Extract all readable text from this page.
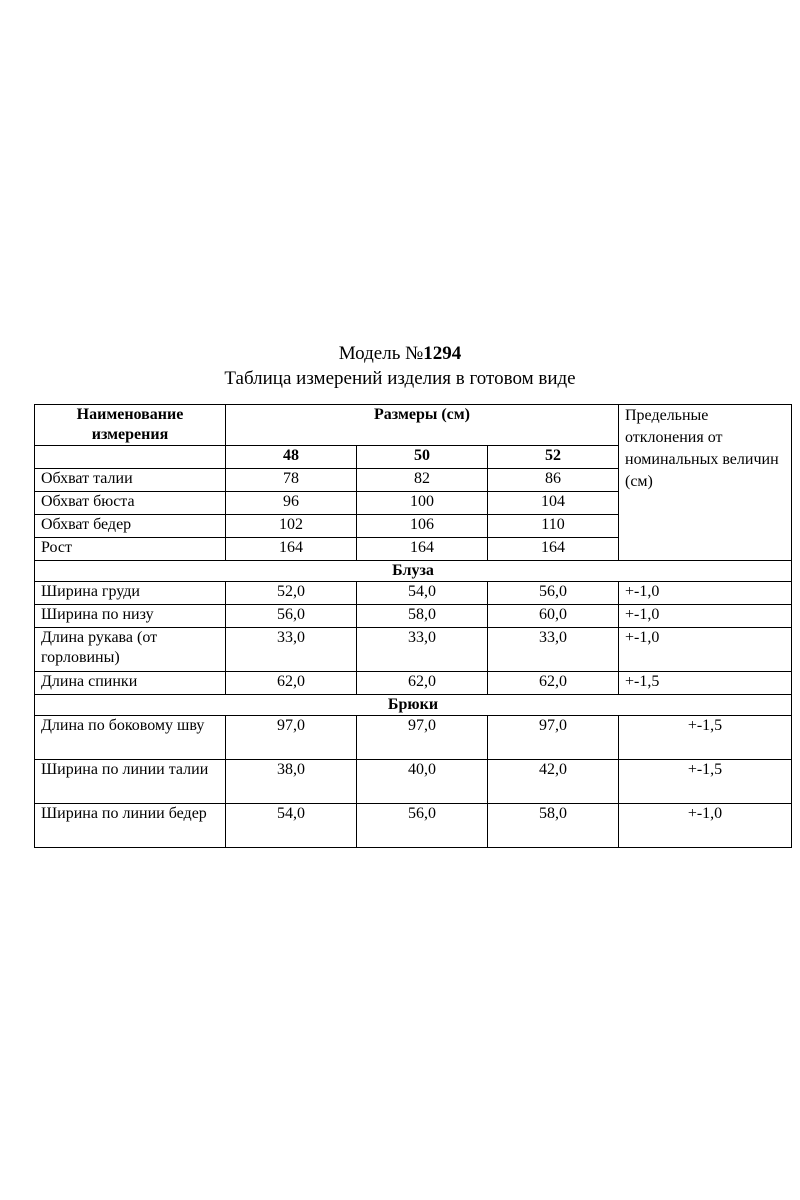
Модель №1294
Таблица измерений изделия в готовом виде
Наименование измерения	Размеры (см)			Предельные отклонения от номинальных величин (см)
	48	50	52	
Обхват талии	78	82	86	
Обхват бюста	96	100	104	
Обхват бедер	102	106	110	
Рост	164	164	164	
Блуза				
Ширина груди	52,0	54,0	56,0	+-1,0
Ширина по низу	56,0	58,0	60,0	+-1,0
Длина рукава (от горловины)	33,0	33,0	33,0	+-1,0
Длина спинки	62,0	62,0	62,0	+-1,5
Брюки				
Длина по боковому шву	97,0	97,0	97,0	+-1,5
Ширина по линии талии	38,0	40,0	42,0	+-1,5
Ширина по линии бедер	54,0	56,0	58,0	+-1,0
